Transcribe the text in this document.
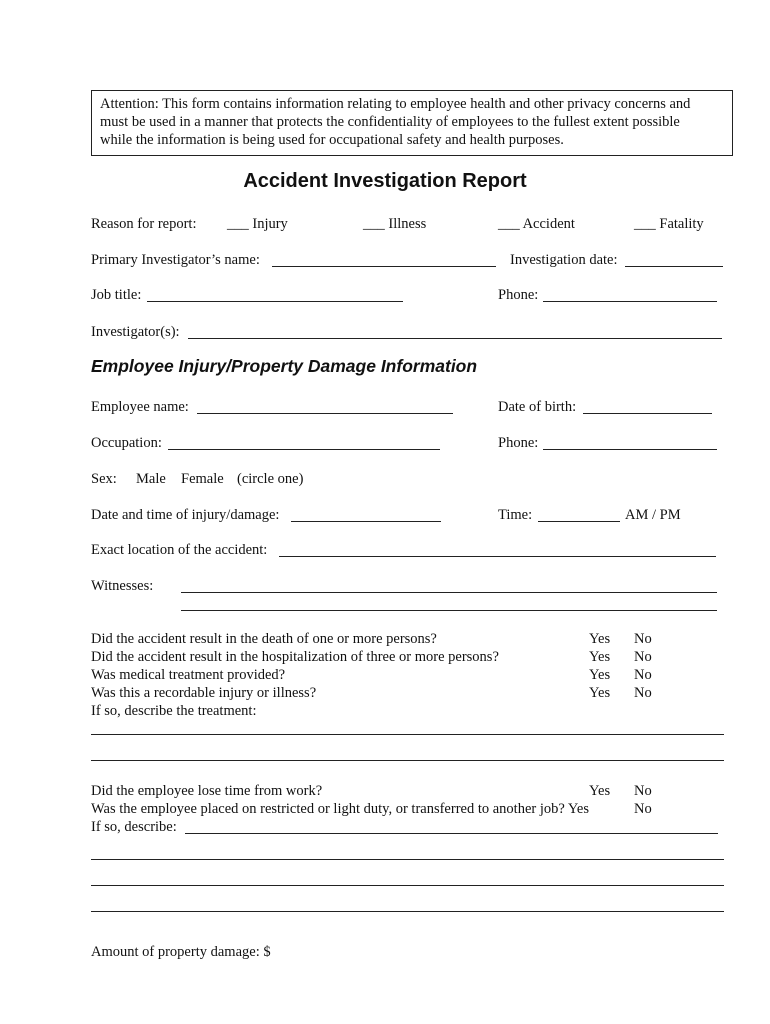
Attention: This form contains information relating to employee health and other privacy concerns and
must be used in a manner that protects the confidentiality of employees to the fullest extent possible
while the information is being used for occupational safety and health purposes.
Accident Investigation Report
Reason for report: ___ Injury	___ Illness	___ Accident	___ Fatality
Primary Investigator’s name:	Investigation date:
Job title:	Phone:
Investigator(s):
Employee Injury/Property Damage Information
Employee name:	Date of birth:
Occupation:	Phone:
Sex: Male Female (circle one)
Date and time of injury/damage:	Time:	AM / PM
Exact location of the accident:
Witnesses:
Did the accident result in the death of one or more persons?	Yes No
Did the accident result in the hospitalization of three or more persons?	Yes No
Was medical treatment provided?	Yes No
Was this a recordable injury or illness?	Yes No
If so, describe the treatment:
Did the employee lose time from work?	Yes No
Was the employee placed on restricted or light duty, or transferred to another job? Yes	No
If so, describe:
Amount of property damage: $
